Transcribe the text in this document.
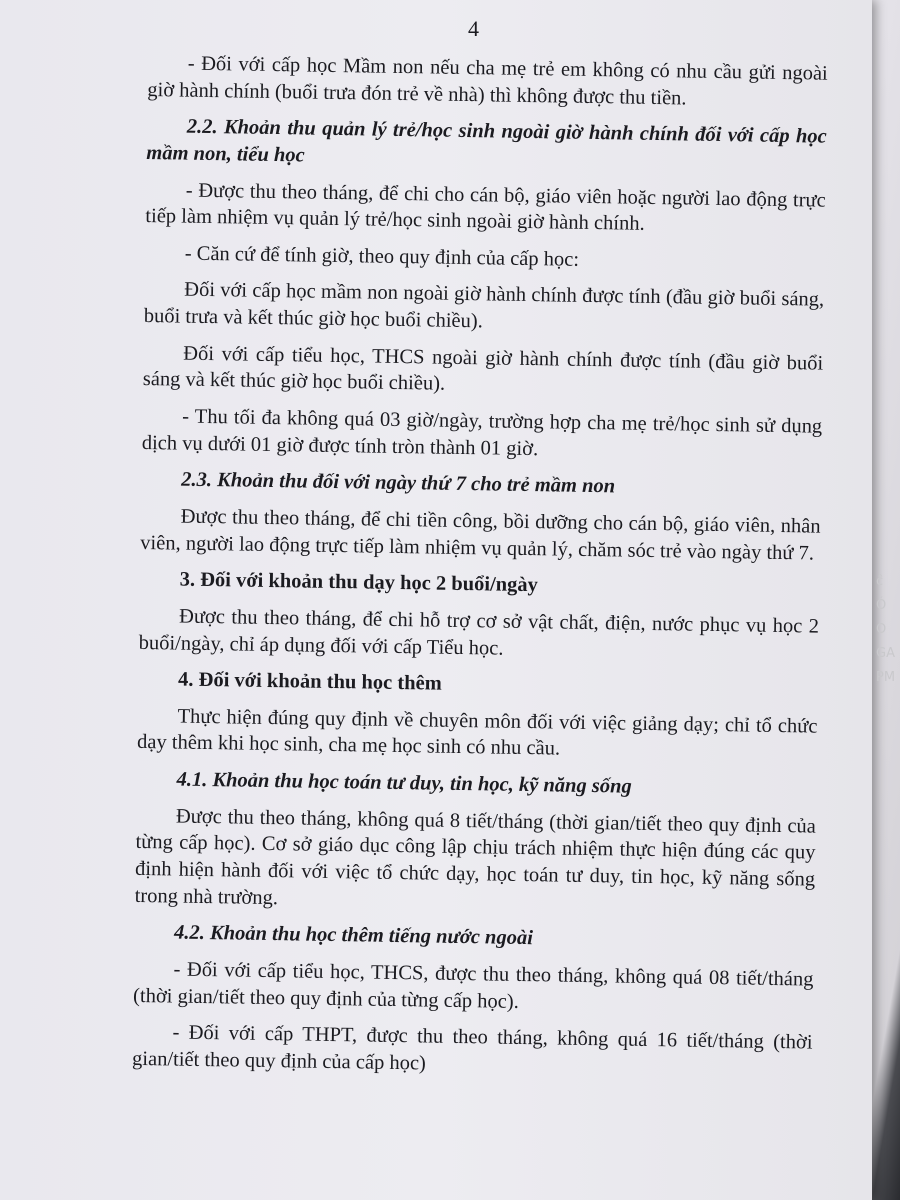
4

- Đối với cấp học Mầm non nếu cha mẹ trẻ em không có nhu cầu gửi ngoài giờ hành chính (buổi trưa đón trẻ về nhà) thì không được thu tiền.

2.2. Khoản thu quản lý trẻ/học sinh ngoài giờ hành chính đối với cấp học mầm non, tiểu học

- Được thu theo tháng, để chi cho cán bộ, giáo viên hoặc người lao động trực tiếp làm nhiệm vụ quản lý trẻ/học sinh ngoài giờ hành chính.

- Căn cứ để tính giờ, theo quy định của cấp học:

Đối với cấp học mầm non ngoài giờ hành chính được tính (đầu giờ buổi sáng, buổi trưa và kết thúc giờ học buổi chiều).

Đối với cấp tiểu học, THCS ngoài giờ hành chính được tính (đầu giờ buổi sáng và kết thúc giờ học buổi chiều).

- Thu tối đa không quá 03 giờ/ngày, trường hợp cha mẹ trẻ/học sinh sử dụng dịch vụ dưới 01 giờ được tính tròn thành 01 giờ.

2.3. Khoản thu đối với ngày thứ 7 cho trẻ mầm non

Được thu theo tháng, để chi tiền công, bồi dưỡng cho cán bộ, giáo viên, nhân viên, người lao động trực tiếp làm nhiệm vụ quản lý, chăm sóc trẻ vào ngày thứ 7.

3. Đối với khoản thu dạy học 2 buổi/ngày

Được thu theo tháng, để chi hỗ trợ cơ sở vật chất, điện, nước phục vụ học 2 buổi/ngày, chỉ áp dụng đối với cấp Tiểu học.

4. Đối với khoản thu học thêm

Thực hiện đúng quy định về chuyên môn đối với việc giảng dạy; chỉ tổ chức dạy thêm khi học sinh, cha mẹ học sinh có nhu cầu.

4.1. Khoản thu học toán tư duy, tin học, kỹ năng sống

Được thu theo tháng, không quá 8 tiết/tháng (thời gian/tiết theo quy định của từng cấp học). Cơ sở giáo dục công lập chịu trách nhiệm thực hiện đúng các quy định hiện hành đối với việc tổ chức dạy, học toán tư duy, tin học, kỹ năng sống trong nhà trường.

4.2. Khoản thu học thêm tiếng nước ngoài

- Đối với cấp tiểu học, THCS, được thu theo tháng, không quá 08 tiết/tháng (thời gian/tiết theo quy định của từng cấp học).

- Đối với cấp THPT, được thu theo tháng, không quá 16 tiết/tháng (thời gian/tiết theo quy định của cấp học)

ĉ
Ó
O
GA
PM
